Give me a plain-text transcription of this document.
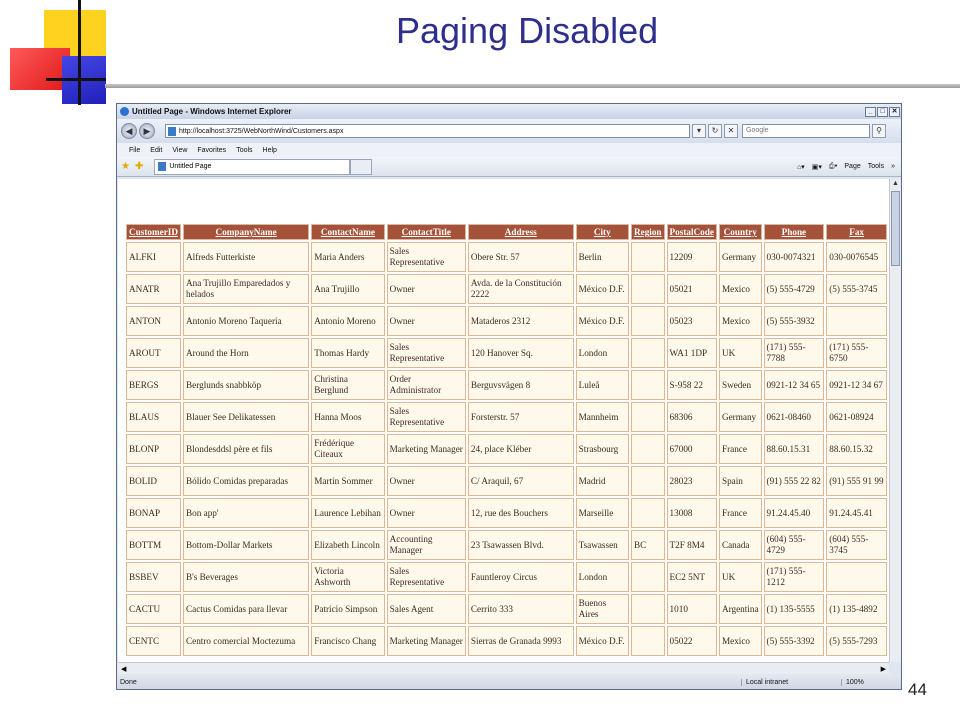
Paging Disabled
44
Untitled Page - Windows Internet Explorer	_	□ ✕
◀	▶	http://localhost:3725/WebNorthWind/Customers.aspx	▾	↻	✕	Google	⚲
File Edit View Favorites Tools Help
★ ✚	Untitled Page	⌂▾ ▣▾ ⎙▾ Page Tools »
CustomerID	CompanyName	ContactName	ContactTitle	Address	City	Region	PostalCode	Country	Phone	Fax
ALFKI	Alfreds Futterkiste	Maria Anders	Sales Representative	Obere Str. 57	Berlin		12209	Germany	030-0074321	030-0076545
ANATR	Ana Trujillo Emparedados y helados	Ana Trujillo	Owner	Avda. de la Constitución 2222	México D.F.		05021	Mexico	(5) 555-4729	(5) 555-3745
ANTON	Antonio Moreno Taquería	Antonio Moreno	Owner	Mataderos 2312	México D.F.		05023	Mexico	(5) 555-3932	
AROUT	Around the Horn	Thomas Hardy	Sales Representative	120 Hanover Sq.	London		WA1 1DP	UK	(171) 555-7788	(171) 555-6750
BERGS	Berglunds snabbköp	Christina Berglund	Order Administrator	Berguvsvägen 8	Luleå		S-958 22	Sweden	0921-12 34 65	0921-12 34 67
BLAUS	Blauer See Delikatessen	Hanna Moos	Sales Representative	Forsterstr. 57	Mannheim		68306	Germany	0621-08460	0621-08924
BLONP	Blondesddsl père et fils	Frédérique Citeaux	Marketing Manager	24, place Kléber	Strasbourg		67000	France	88.60.15.31	88.60.15.32
BOLID	Bólido Comidas preparadas	Martín Sommer	Owner	C/ Araquil, 67	Madrid		28023	Spain	(91) 555 22 82	(91) 555 91 99
BONAP	Bon app'	Laurence Lebihan	Owner	12, rue des Bouchers	Marseille		13008	France	91.24.45.40	91.24.45.41
BOTTM	Bottom-Dollar Markets	Elizabeth Lincoln	Accounting Manager	23 Tsawassen Blvd.	Tsawassen	BC	T2F 8M4	Canada	(604) 555-4729	(604) 555-3745
BSBEV	B's Beverages	Victoria Ashworth	Sales Representative	Fauntleroy Circus	London		EC2 5NT	UK	(171) 555-1212	
CACTU	Cactus Comidas para llevar	Patricio Simpson	Sales Agent	Cerrito 333	Buenos Aires		1010	Argentina	(1) 135-5555	(1) 135-4892
CENTC	Centro comercial Moctezuma	Francisco Chang	Marketing Manager	Sierras de Granada 9993	México D.F.		05022	Mexico	(5) 555-3392	(5) 555-7293
▲
◀	▶
Done	Local intranet	100%
